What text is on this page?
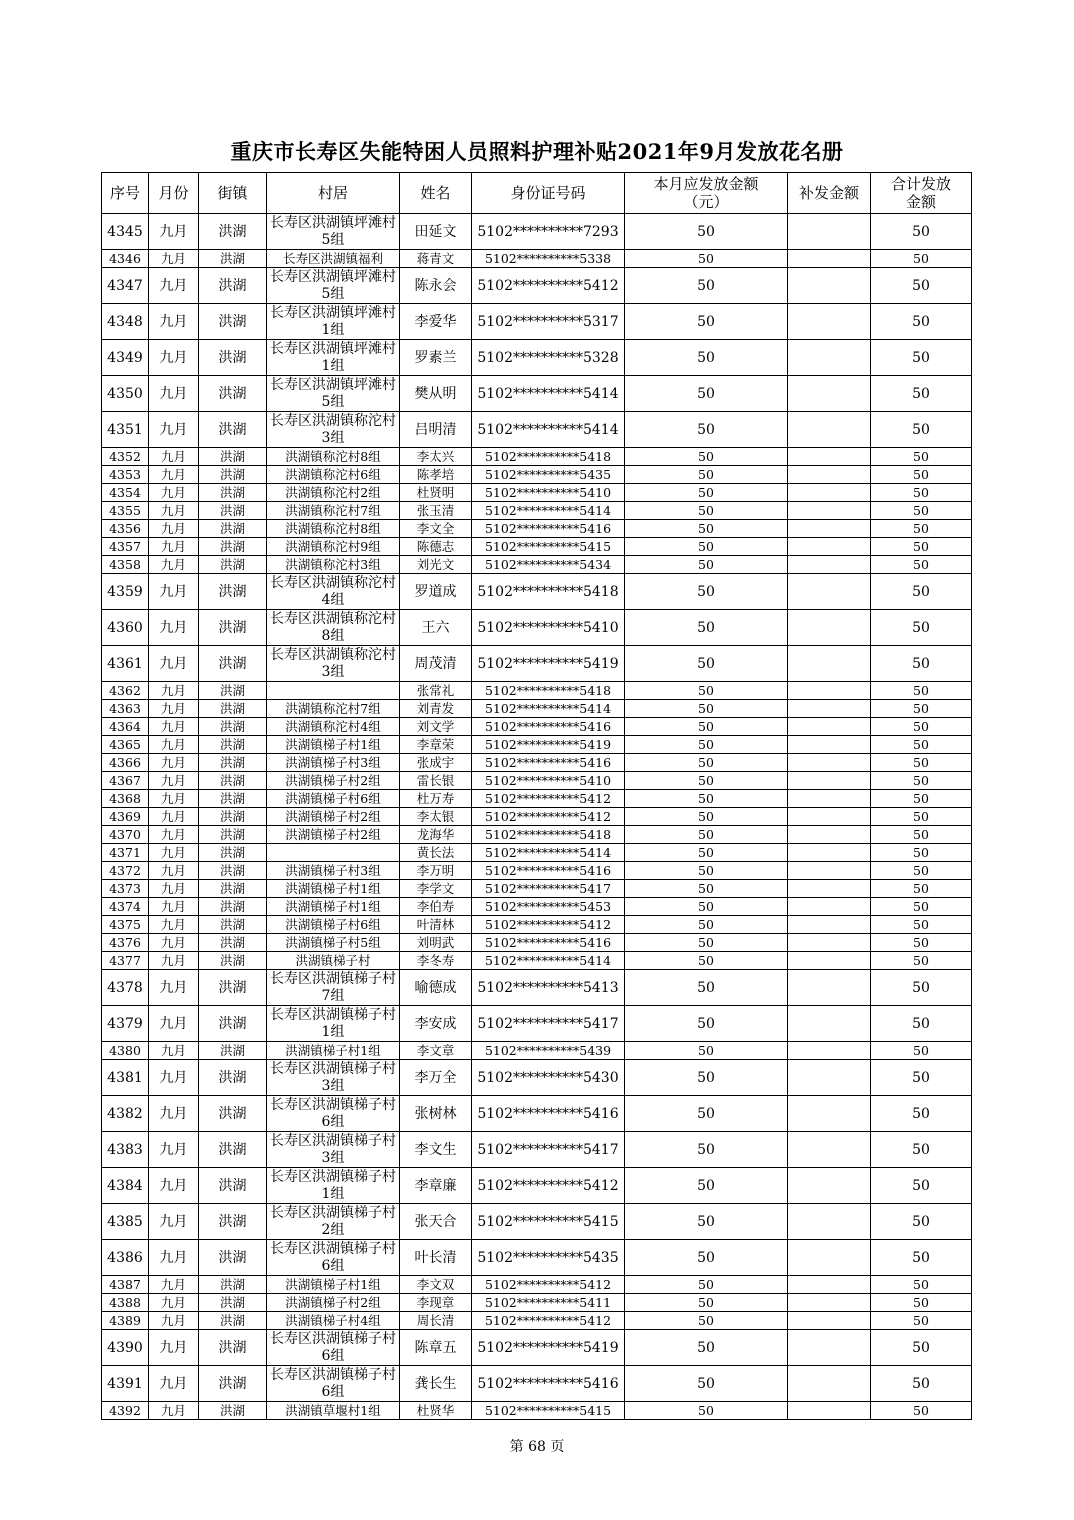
重庆市长寿区失能特困人员照料护理补贴2021年9月发放花名册
序号	月份	街镇	村居	姓名	身份证号码	本月应发放金额（元）	补发金额	合计发放金额
4345	九月	洪湖	长寿区洪湖镇坪滩村5组	田延文	5102**********7293	50		50
4346	九月	洪湖	长寿区洪湖镇福利	蒋青文	5102**********5338	50		50
4347	九月	洪湖	长寿区洪湖镇坪滩村5组	陈永会	5102**********5412	50		50
4348	九月	洪湖	长寿区洪湖镇坪滩村1组	李爱华	5102**********5317	50		50
4349	九月	洪湖	长寿区洪湖镇坪滩村1组	罗素兰	5102**********5328	50		50
4350	九月	洪湖	长寿区洪湖镇坪滩村5组	樊从明	5102**********5414	50		50
4351	九月	洪湖	长寿区洪湖镇称沱村3组	吕明清	5102**********5414	50		50
4352	九月	洪湖	洪湖镇称沱村8组	李太兴	5102**********5418	50		50
4353	九月	洪湖	洪湖镇称沱村6组	陈孝培	5102**********5435	50		50
4354	九月	洪湖	洪湖镇称沱村2组	杜贤明	5102**********5410	50		50
4355	九月	洪湖	洪湖镇称沱村7组	张玉清	5102**********5414	50		50
4356	九月	洪湖	洪湖镇称沱村8组	李文全	5102**********5416	50		50
4357	九月	洪湖	洪湖镇称沱村9组	陈德志	5102**********5415	50		50
4358	九月	洪湖	洪湖镇称沱村3组	刘光文	5102**********5434	50		50
4359	九月	洪湖	长寿区洪湖镇称沱村4组	罗道成	5102**********5418	50		50
4360	九月	洪湖	长寿区洪湖镇称沱村8组	王六	5102**********5410	50		50
4361	九月	洪湖	长寿区洪湖镇称沱村3组	周茂清	5102**********5419	50		50
4362	九月	洪湖		张常礼	5102**********5418	50		50
4363	九月	洪湖	洪湖镇称沱村7组	刘青发	5102**********5414	50		50
4364	九月	洪湖	洪湖镇称沱村4组	刘文学	5102**********5416	50		50
4365	九月	洪湖	洪湖镇梯子村1组	李章荣	5102**********5419	50		50
4366	九月	洪湖	洪湖镇梯子村3组	张成宇	5102**********5416	50		50
4367	九月	洪湖	洪湖镇梯子村2组	雷长银	5102**********5410	50		50
4368	九月	洪湖	洪湖镇梯子村6组	杜万寿	5102**********5412	50		50
4369	九月	洪湖	洪湖镇梯子村2组	李太银	5102**********5412	50		50
4370	九月	洪湖	洪湖镇梯子村2组	龙海华	5102**********5418	50		50
4371	九月	洪湖		黄长法	5102**********5414	50		50
4372	九月	洪湖	洪湖镇梯子村3组	李万明	5102**********5416	50		50
4373	九月	洪湖	洪湖镇梯子村1组	李学文	5102**********5417	50		50
4374	九月	洪湖	洪湖镇梯子村1组	李伯寿	5102**********5453	50		50
4375	九月	洪湖	洪湖镇梯子村6组	叶清林	5102**********5412	50		50
4376	九月	洪湖	洪湖镇梯子村5组	刘明武	5102**********5416	50		50
4377	九月	洪湖	洪湖镇梯子村	李冬寿	5102**********5414	50		50
4378	九月	洪湖	长寿区洪湖镇梯子村7组	喻德成	5102**********5413	50		50
4379	九月	洪湖	长寿区洪湖镇梯子村1组	李安成	5102**********5417	50		50
4380	九月	洪湖	洪湖镇梯子村1组	李文章	5102**********5439	50		50
4381	九月	洪湖	长寿区洪湖镇梯子村3组	李万全	5102**********5430	50		50
4382	九月	洪湖	长寿区洪湖镇梯子村6组	张树林	5102**********5416	50		50
4383	九月	洪湖	长寿区洪湖镇梯子村3组	李文生	5102**********5417	50		50
4384	九月	洪湖	长寿区洪湖镇梯子村1组	李章廉	5102**********5412	50		50
4385	九月	洪湖	长寿区洪湖镇梯子村2组	张天合	5102**********5415	50		50
4386	九月	洪湖	长寿区洪湖镇梯子村6组	叶长清	5102**********5435	50		50
4387	九月	洪湖	洪湖镇梯子村1组	李文双	5102**********5412	50		50
4388	九月	洪湖	洪湖镇梯子村2组	李现章	5102**********5411	50		50
4389	九月	洪湖	洪湖镇梯子村4组	周长清	5102**********5412	50		50
4390	九月	洪湖	长寿区洪湖镇梯子村6组	陈章五	5102**********5419	50		50
4391	九月	洪湖	长寿区洪湖镇梯子村6组	龚长生	5102**********5416	50		50
4392	九月	洪湖	洪湖镇草堰村1组	杜贤华	5102**********5415	50		50
第 68 页
